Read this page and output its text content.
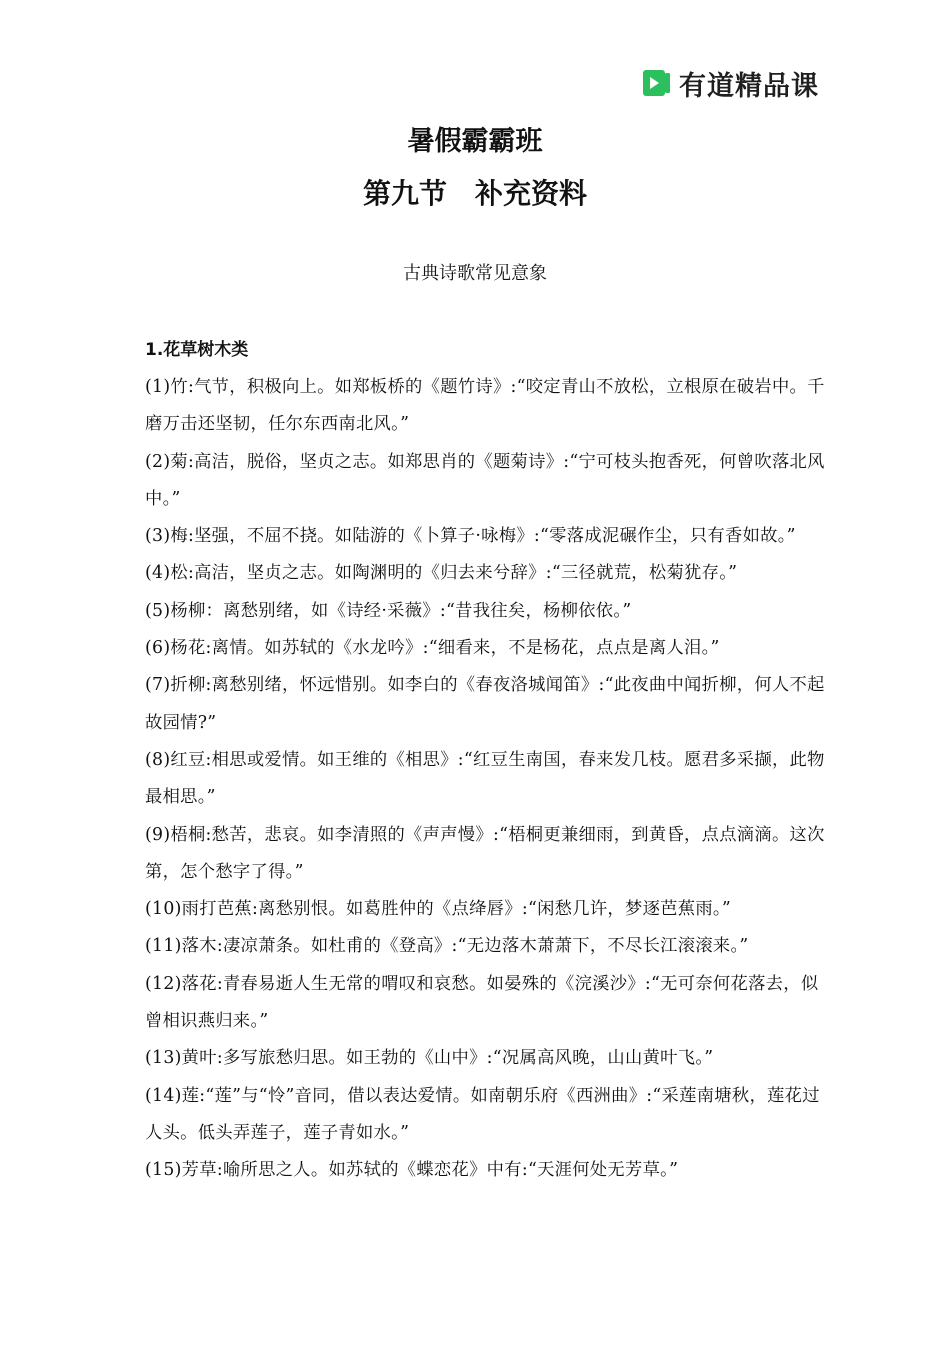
有道精品课
暑假霸霸班
第九节　补充资料
古典诗歌常见意象
1.花草树木类
(1)竹:气节，积极向上。如郑板桥的《题竹诗》:“咬定青山不放松，立根原在破岩中。千磨万击还坚韧，任尔东西南北风。”
(2)菊:高洁，脱俗，坚贞之志。如郑思肖的《题菊诗》:“宁可枝头抱香死，何曾吹落北风中。”
(3)梅:坚强，不屈不挠。如陆游的《卜算子·咏梅》:“零落成泥碾作尘，只有香如故。”
(4)松:高洁，坚贞之志。如陶渊明的《归去来兮辞》:“三径就荒，松菊犹存。”
(5)杨柳：离愁别绪，如《诗经·采薇》:“昔我往矣，杨柳依依。”
(6)杨花:离情。如苏轼的《水龙吟》:“细看来，不是杨花，点点是离人泪。”
(7)折柳:离愁别绪，怀远惜别。如李白的《春夜洛城闻笛》:“此夜曲中闻折柳，何人不起故园情?”
(8)红豆:相思或爱情。如王维的《相思》:“红豆生南国，春来发几枝。愿君多采撷，此物最相思。”
(9)梧桐:愁苦，悲哀。如李清照的《声声慢》:“梧桐更兼细雨，到黄昏，点点滴滴。这次第，怎个愁字了得。”
(10)雨打芭蕉:离愁别恨。如葛胜仲的《点绛唇》:“闲愁几许，梦逐芭蕉雨。”
(11)落木:凄凉萧条。如杜甫的《登高》:“无边落木萧萧下，不尽长江滚滚来。”
(12)落花:青春易逝人生无常的喟叹和哀愁。如晏殊的《浣溪沙》:“无可奈何花落去，似曾相识燕归来。”
(13)黄叶:多写旅愁归思。如王勃的《山中》:“况属高风晚，山山黄叶飞。”
(14)莲:“莲”与“怜”音同，借以表达爱情。如南朝乐府《西洲曲》:“采莲南塘秋，莲花过人头。低头弄莲子，莲子青如水。”
(15)芳草:喻所思之人。如苏轼的《蝶恋花》中有:“天涯何处无芳草。”
